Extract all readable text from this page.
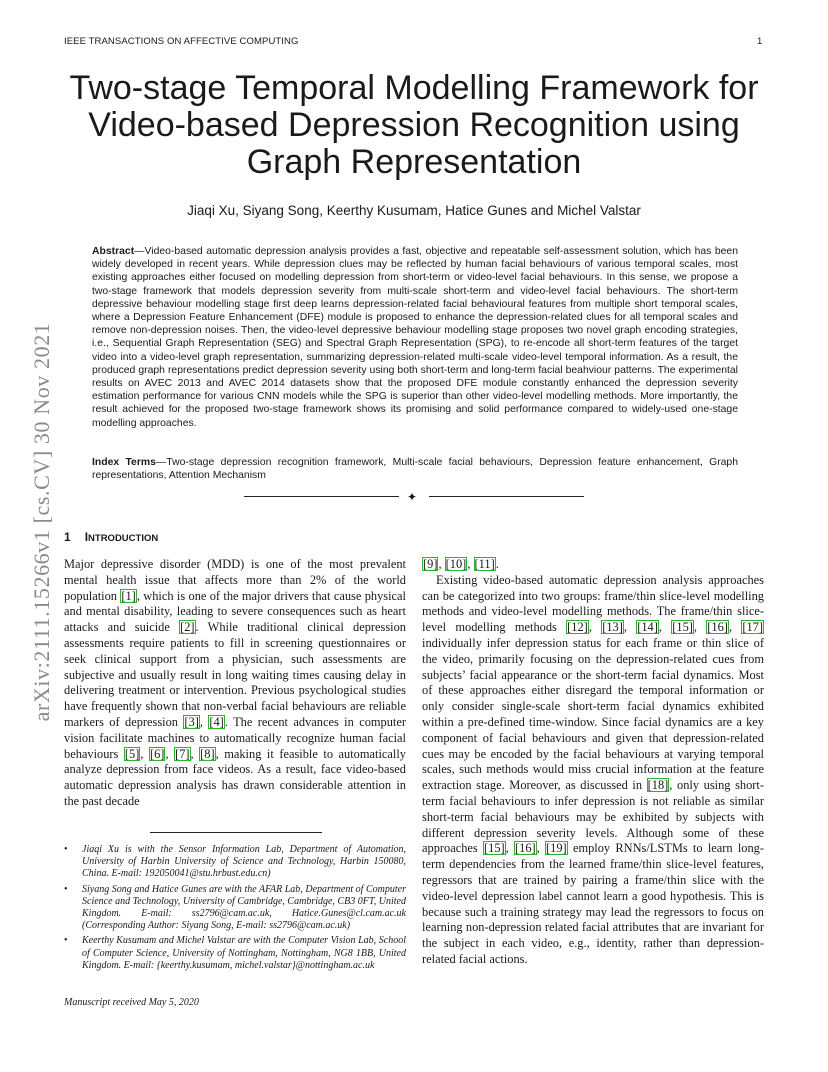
IEEE TRANSACTIONS ON AFFECTIVE COMPUTING	1
Two-stage Temporal Modelling Framework for Video-based Depression Recognition using Graph Representation
Jiaqi Xu, Siyang Song, Keerthy Kusumam, Hatice Gunes and Michel Valstar

Abstract—Video-based automatic depression analysis provides a fast, objective and repeatable self-assessment solution, which has been widely developed in recent years. While depression clues may be reflected by human facial behaviours of various temporal scales, most existing approaches either focused on modelling depression from short-term or video-level facial behaviours. In this sense, we propose a two-stage framework that models depression severity from multi-scale short-term and video-level facial behaviours. The short-term depressive behaviour modelling stage first deep learns depression-related facial behavioural features from multiple short temporal scales, where a Depression Feature Enhancement (DFE) module is proposed to enhance the depression-related clues for all temporal scales and remove non-depression noises. Then, the video-level depressive behaviour modelling stage proposes two novel graph encoding strategies, i.e., Sequential Graph Representation (SEG) and Spectral Graph Representation (SPG), to re-encode all short-term features of the target video into a video-level graph representation, summarizing depression-related multi-scale video-level temporal information. As a result, the produced graph representations predict depression severity using both short-term and long-term facial beahviour patterns. The experimental results on AVEC 2013 and AVEC 2014 datasets show that the proposed DFE module constantly enhanced the depression severity estimation performance for various CNN models while the SPG is superior than other video-level modelling methods. More importantly, the result achieved for the proposed two-stage framework shows its promising and solid performance compared to widely-used one-stage modelling approaches.

Index Terms—Two-stage depression recognition framework, Multi-scale facial behaviours, Depression feature enhancement, Graph representations, Attention Mechanism

✦
arXiv:2111.15266v1 [cs.CV] 30 Nov 2021 1 INTRODUCTION

Major depressive disorder (MDD) is one of the most prevalent mental health issue that affects more than 2% of the world population [1], which is one of the major drivers that cause physical and mental disability, leading to severe consequences such as heart attacks and suicide [2]. While traditional clinical depression assessments require patients to fill in screening questionnaires or seek clinical support from a physician, such assessments are subjective and usually result in long waiting times causing delay in delivering treatment or intervention. Previous psychological studies have frequently shown that non-verbal facial behaviours are reliable markers of depression [3], [4]. The recent advances in computer vision facilitate machines to automatically recognize human facial behaviours [5], [6], [7], [8], making it feasible to automatically analyze depression from face videos. As a result, face video-based automatic depression analysis has drawn considerable attention in the past decade

[9], [10], [11].

Existing video-based automatic depression analysis approaches can be categorized into two groups: frame/thin slice-level modelling methods and video-level modelling methods. The frame/thin slice-level modelling methods [12], [13], [14], [15], [16], [17] individually infer depression status for each frame or thin slice of the video, primarily focusing on the depression-related cues from subjects’ facial appearance or the short-term facial dynamics. Most of these approaches either disregard the temporal information or only consider single-scale short-term facial dynamics exhibited within a pre-defined time-window. Since facial dynamics are a key component of facial behaviours and given that depression-related cues may be encoded by the facial behaviours at varying temporal scales, such methods would miss crucial information at the feature extraction stage. Moreover, as discussed in [18], only using short-term facial behaviours to infer depression is not reliable as similar short-term facial behaviours may be exhibited by subjects with different depression severity levels. Although some of these approaches [15], [16], [19] employ RNNs/LSTMs to learn long-term dependencies from the learned frame/thin slice-level features, regressors that are trained by pairing a frame/thin slice with the video-level depression label cannot learn a good hypothesis. This is because such a training strategy may lead the regressors to focus on learning non-depression related facial attributes that are invariant for the subject in each video, e.g., identity, rather than depression-related facial actions.

• Jiaqi Xu is with the Sensor Information Lab, Department of Automation, University of Harbin University of Science and Technology, Harbin 150080, China. E-mail: 192050041@stu.hrbust.edu.cn)

• Siyang Song and Hatice Gunes are with the AFAR Lab, Department of Computer Science and Technology, University of Cambridge, Cambridge, CB3 0FT, United Kingdom. E-mail: ss2796@cam.ac.uk, Hatice.Gunes@cl.cam.ac.uk (Corresponding Author: Siyang Song, E-mail: ss2796@cam.ac.uk)

• Keerthy Kusumam and Michel Valstar are with the Computer Vision Lab, School of Computer Science, University of Nottingham, Nottingham, NG8 1BB, United Kingdom. E-mail: {keerthy.kusumam, michel.valstar}@nottingham.ac.uk

Manuscript received May 5, 2020
